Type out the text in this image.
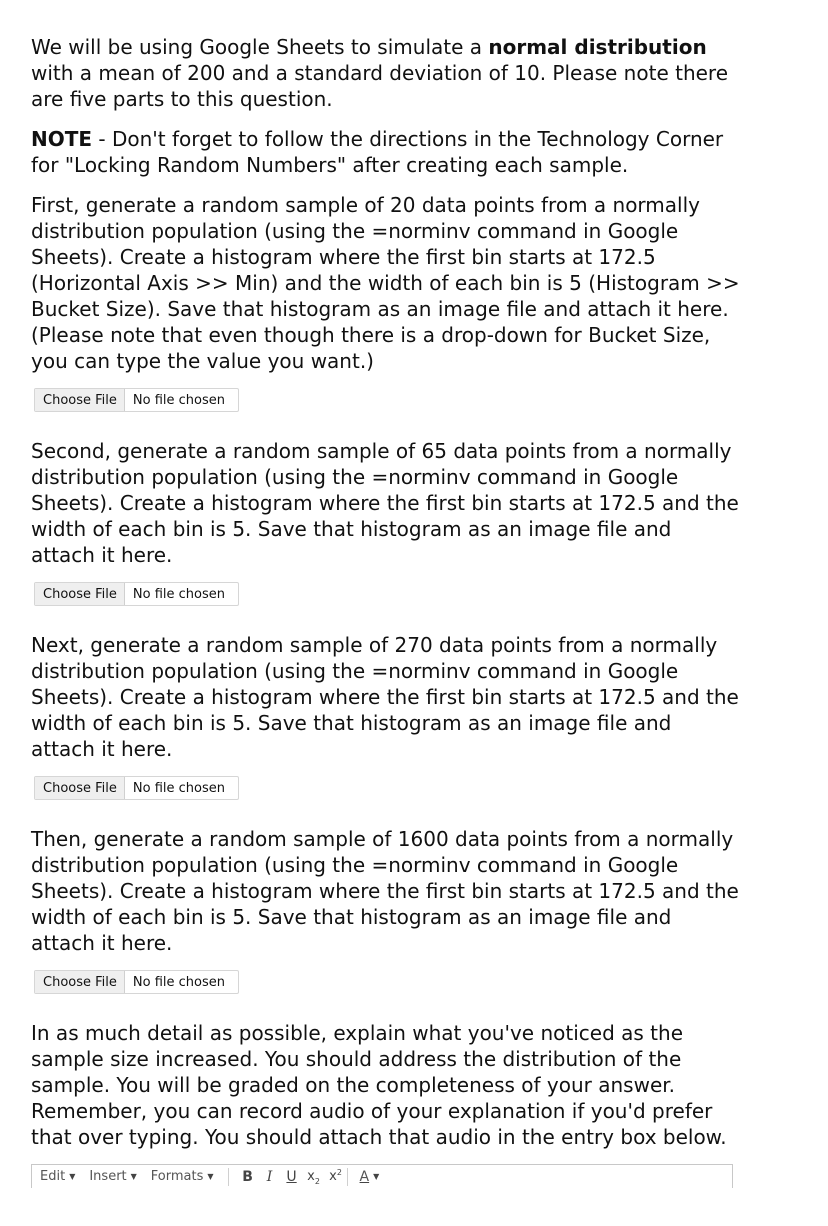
We will be using Google Sheets to simulate a normal distribution with a mean of 200 and a standard deviation of 10. Please note there are five parts to this question.

NOTE - Don't forget to follow the directions in the Technology Corner for "Locking Random Numbers" after creating each sample.

First, generate a random sample of 20 data points from a normally distribution population (using the =norminv command in Google Sheets). Create a histogram where the first bin starts at 172.5 (Horizontal Axis >> Min) and the width of each bin is 5 (Histogram >> Bucket Size). Save that histogram as an image file and attach it here. (Please note that even though there is a drop-down for Bucket Size, you can type the value you want.)

Choose File	No file chosen

Second, generate a random sample of 65 data points from a normally distribution population (using the =norminv command in Google Sheets). Create a histogram where the first bin starts at 172.5 and the width of each bin is 5. Save that histogram as an image file and attach it here.

Choose File	No file chosen

Next, generate a random sample of 270 data points from a normally distribution population (using the =norminv command in Google Sheets). Create a histogram where the first bin starts at 172.5 and the width of each bin is 5. Save that histogram as an image file and attach it here.

Choose File	No file chosen

Then, generate a random sample of 1600 data points from a normally distribution population (using the =norminv command in Google Sheets). Create a histogram where the first bin starts at 172.5 and the width of each bin is 5. Save that histogram as an image file and attach it here.

Choose File	No file chosen

In as much detail as possible, explain what you've noticed as the sample size increased. You should address the distribution of the sample. You will be graded on the completeness of your answer. Remember, you can record audio of your explanation if you'd prefer that over typing. You should attach that audio in the entry box below.

Edit ▼ Insert ▼ Formats ▼	B I	U $x_2$ $x^2$	A ▼
